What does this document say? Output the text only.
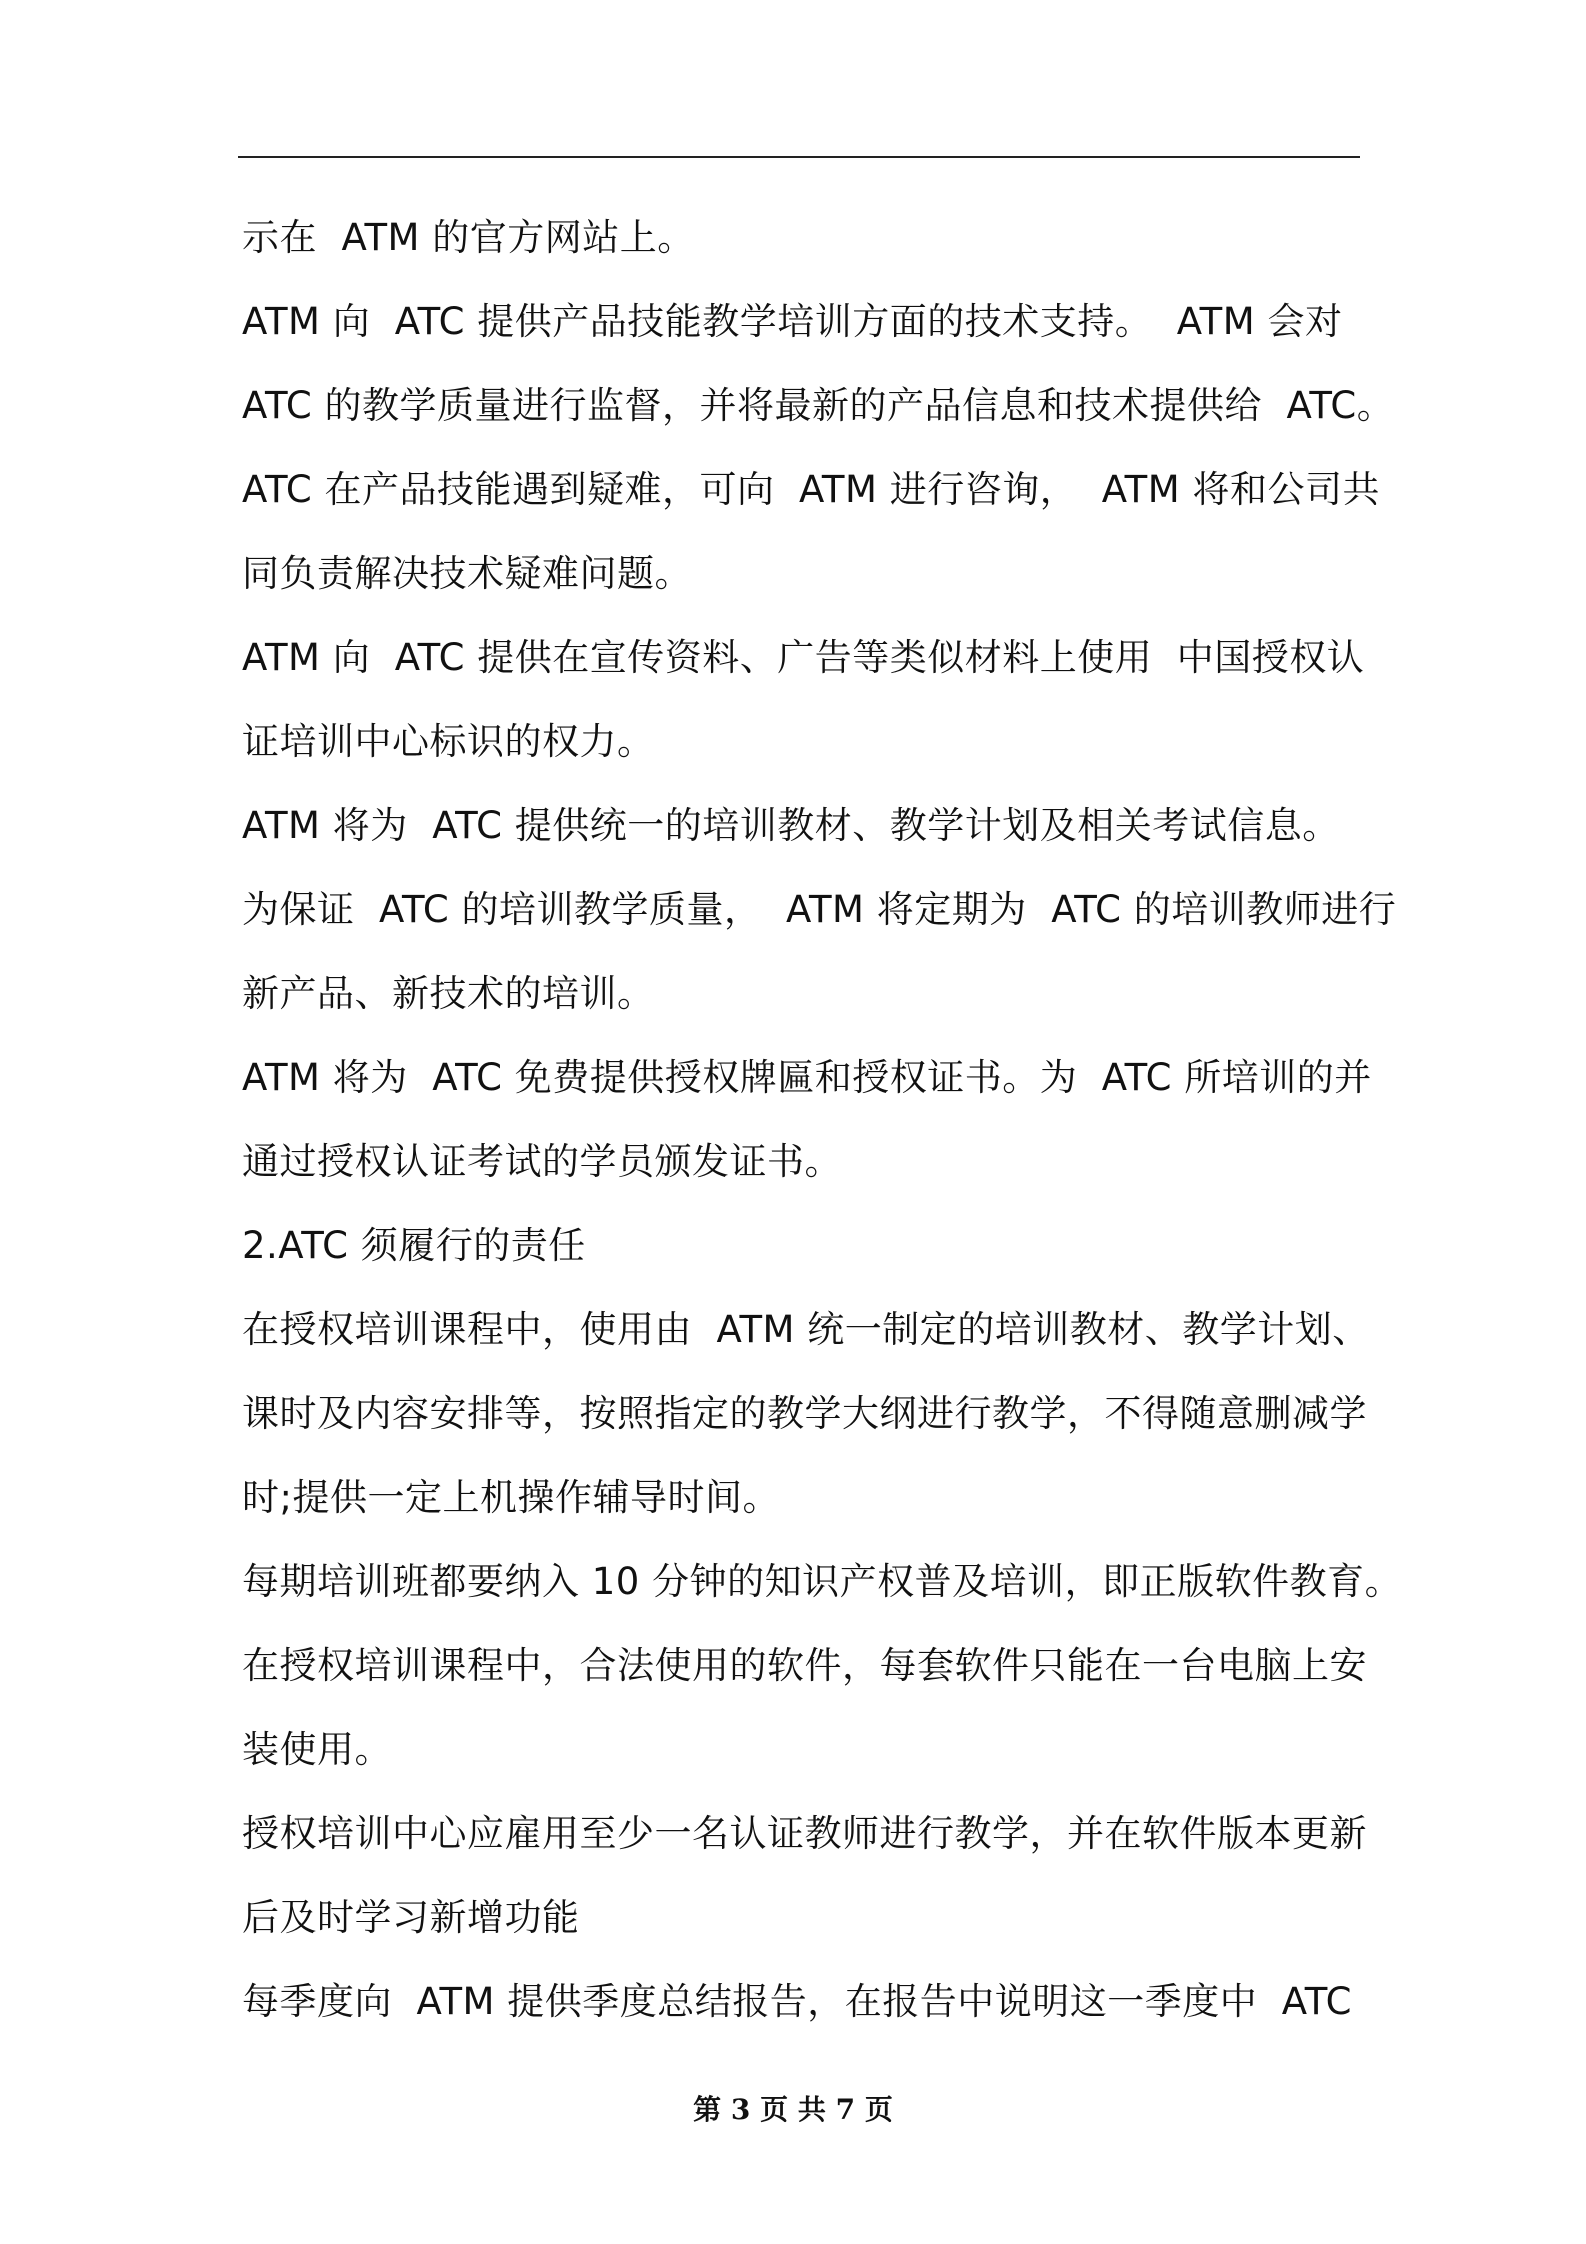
示在  ATM 的官方网站上。
ATM 向  ATC 提供产品技能教学培训方面的技术支持。  ATM 会对
ATC 的教学质量进行监督，并将最新的产品信息和技术提供给  ATC。
ATC 在产品技能遇到疑难，可向  ATM 进行咨询，  ATM 将和公司共
同负责解决技术疑难问题。
ATM 向  ATC 提供在宣传资料、广告等类似材料上使用  中国授权认
证培训中心标识的权力。
ATM 将为  ATC 提供统一的培训教材、教学计划及相关考试信息。
为保证  ATC 的培训教学质量，  ATM 将定期为  ATC 的培训教师进行
新产品、新技术的培训。
ATM 将为  ATC 免费提供授权牌匾和授权证书。为  ATC 所培训的并
通过授权认证考试的学员颁发证书。
2.ATC 须履行的责任
在授权培训课程中，使用由  ATM 统一制定的培训教材、教学计划、
课时及内容安排等，按照指定的教学大纲进行教学，不得随意删减学
时;提供一定上机操作辅导时间。
每期培训班都要纳入 10 分钟的知识产权普及培训，即正版软件教育。
在授权培训课程中，合法使用的软件，每套软件只能在一台电脑上安
装使用。
授权培训中心应雇用至少一名认证教师进行教学，并在软件版本更新
后及时学习新增功能
每季度向  ATM 提供季度总结报告，在报告中说明这一季度中  ATC
第 3 页 共 7 页
